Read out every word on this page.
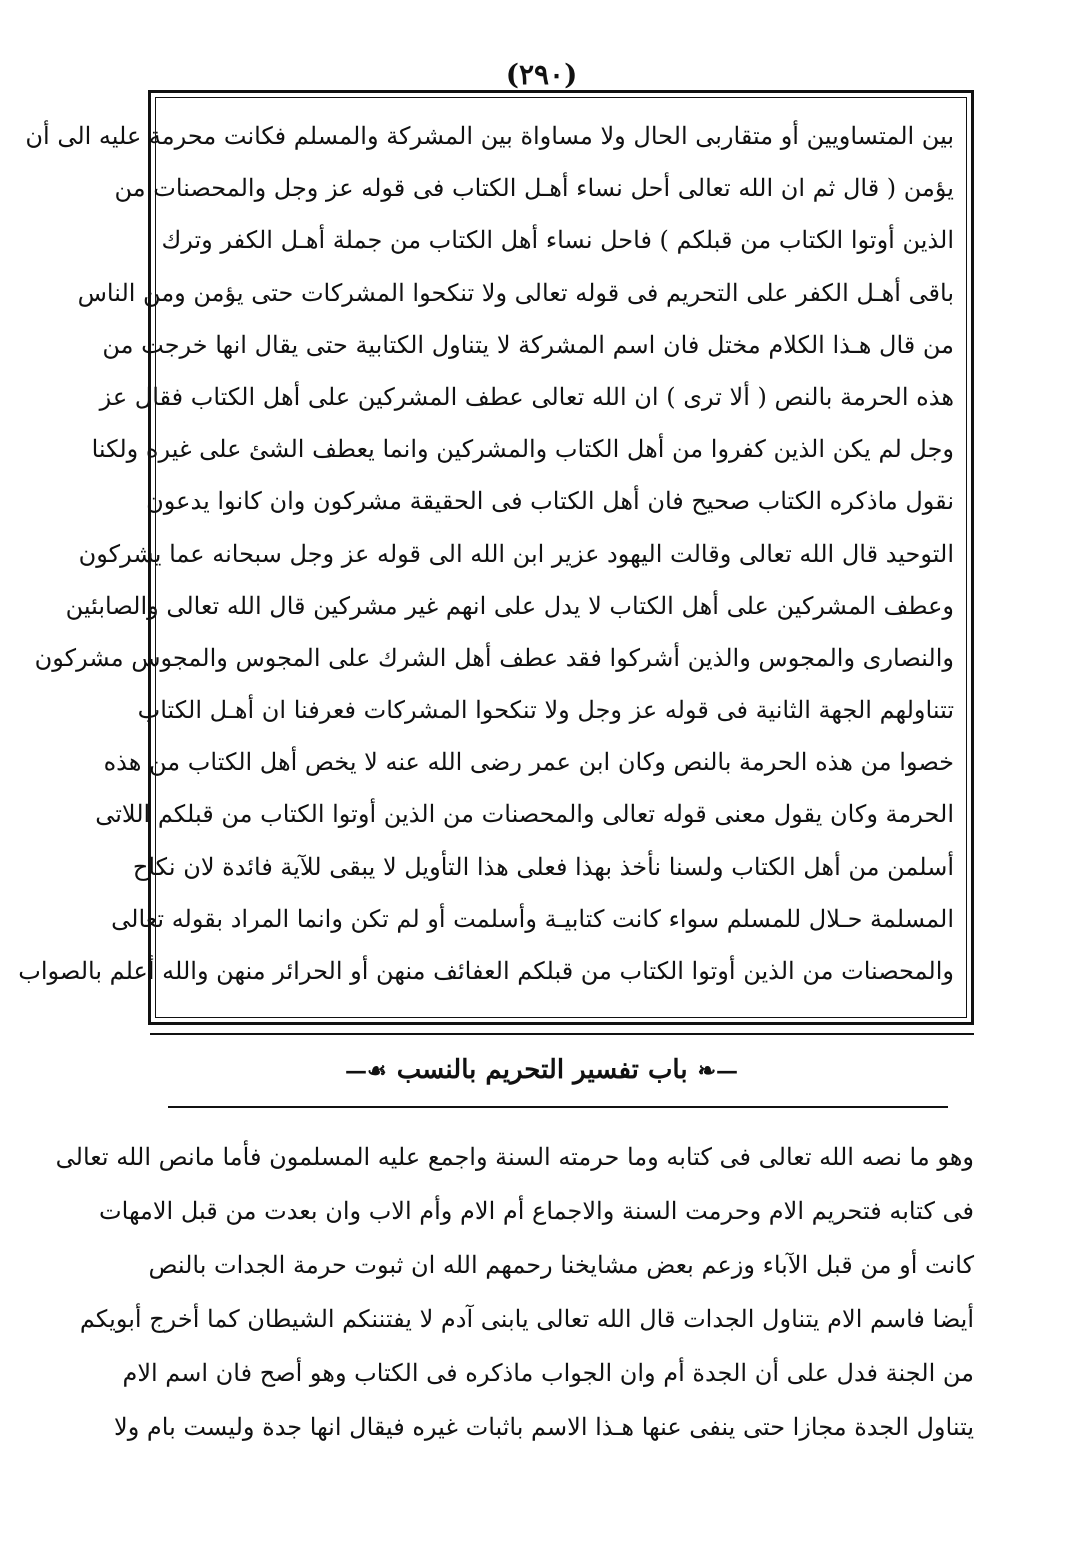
(٢٩٠)
بين المتساويين أو متقاربى الحال ولا مساواة بين المشركة والمسلم فكانت محرمة عليه الى أن
يؤمن ( قال ثم ان الله تعالى أحل نساء أهـل الكتاب فى قوله عز وجل والمحصنات من
الذين أوتوا الكتاب من قبلكم ) فاحل نساء أهل الكتاب من جملة أهـل الكفر وترك
باقى أهـل الكفر على التحريم فى قوله تعالى ولا تنكحوا المشركات حتى يؤمن ومن الناس
من قال هـذا الكلام مختل فان اسم المشركة لا يتناول الكتابية حتى يقال انها خرجت من
هذه الحرمة بالنص ( ألا ترى ) ان الله تعالى عطف المشركين على أهل الكتاب فقال عز
وجل لم يكن الذين كفروا من أهل الكتاب والمشركين وانما يعطف الشئ على غيره ولكنا
نقول ماذكره الكتاب صحيح فان أهل الكتاب فى الحقيقة مشركون وان كانوا يدعون
التوحيد قال الله تعالى وقالت اليهود عزير ابن الله الى قوله عز وجل سبحانه عما يشركون
وعطف المشركين على أهل الكتاب لا يدل على انهم غير مشركين قال الله تعالى والصابئين
والنصارى والمجوس والذين أشركوا فقد عطف أهل الشرك على المجوس والمجوس مشركون
تتناولهم الجهة الثانية فى قوله عز وجل ولا تنكحوا المشركات فعرفنا ان أهـل الكتاب
خصوا من هذه الحرمة بالنص وكان ابن عمر رضى الله عنه لا يخص أهل الكتاب من هذه
الحرمة وكان يقول معنى قوله تعالى والمحصنات من الذين أوتوا الكتاب من قبلكم اللاتى
أسلمن من أهل الكتاب ولسنا نأخذ بهذا فعلى هذا التأويل لا يبقى للآية فائدة لان نكاح
المسلمة حـلال للمسلم سواء كانت كتابيـة وأسلمت أو لم تكن وانما المراد بقوله تعالى
والمحصنات من الذين أوتوا الكتاب من قبلكم العفائف منهن أو الحرائر منهن والله أعلم بالصواب
—❧باب تفسير التحريم بالنسب☙—
وهو ما نصه الله تعالى فى كتابه وما حرمته السنة واجمع عليه المسلمون فأما مانص الله تعالى
فى كتابه فتحريم الام وحرمت السنة والاجماع أم الام وأم الاب وان بعدت من قبل الامهات
كانت أو من قبل الآباء وزعم بعض مشايخنا رحمهم الله ان ثبوت حرمة الجدات بالنص
أيضا فاسم الام يتناول الجدات قال الله تعالى يابنى آدم لا يفتننكم الشيطان كما أخرج أبويكم
من الجنة فدل على أن الجدة أم وان الجواب ماذكره فى الكتاب وهو أصح فان اسم الام
يتناول الجدة مجازا حتى ينفى عنها هـذا الاسم باثبات غيره فيقال انها جدة وليست بام ولا
